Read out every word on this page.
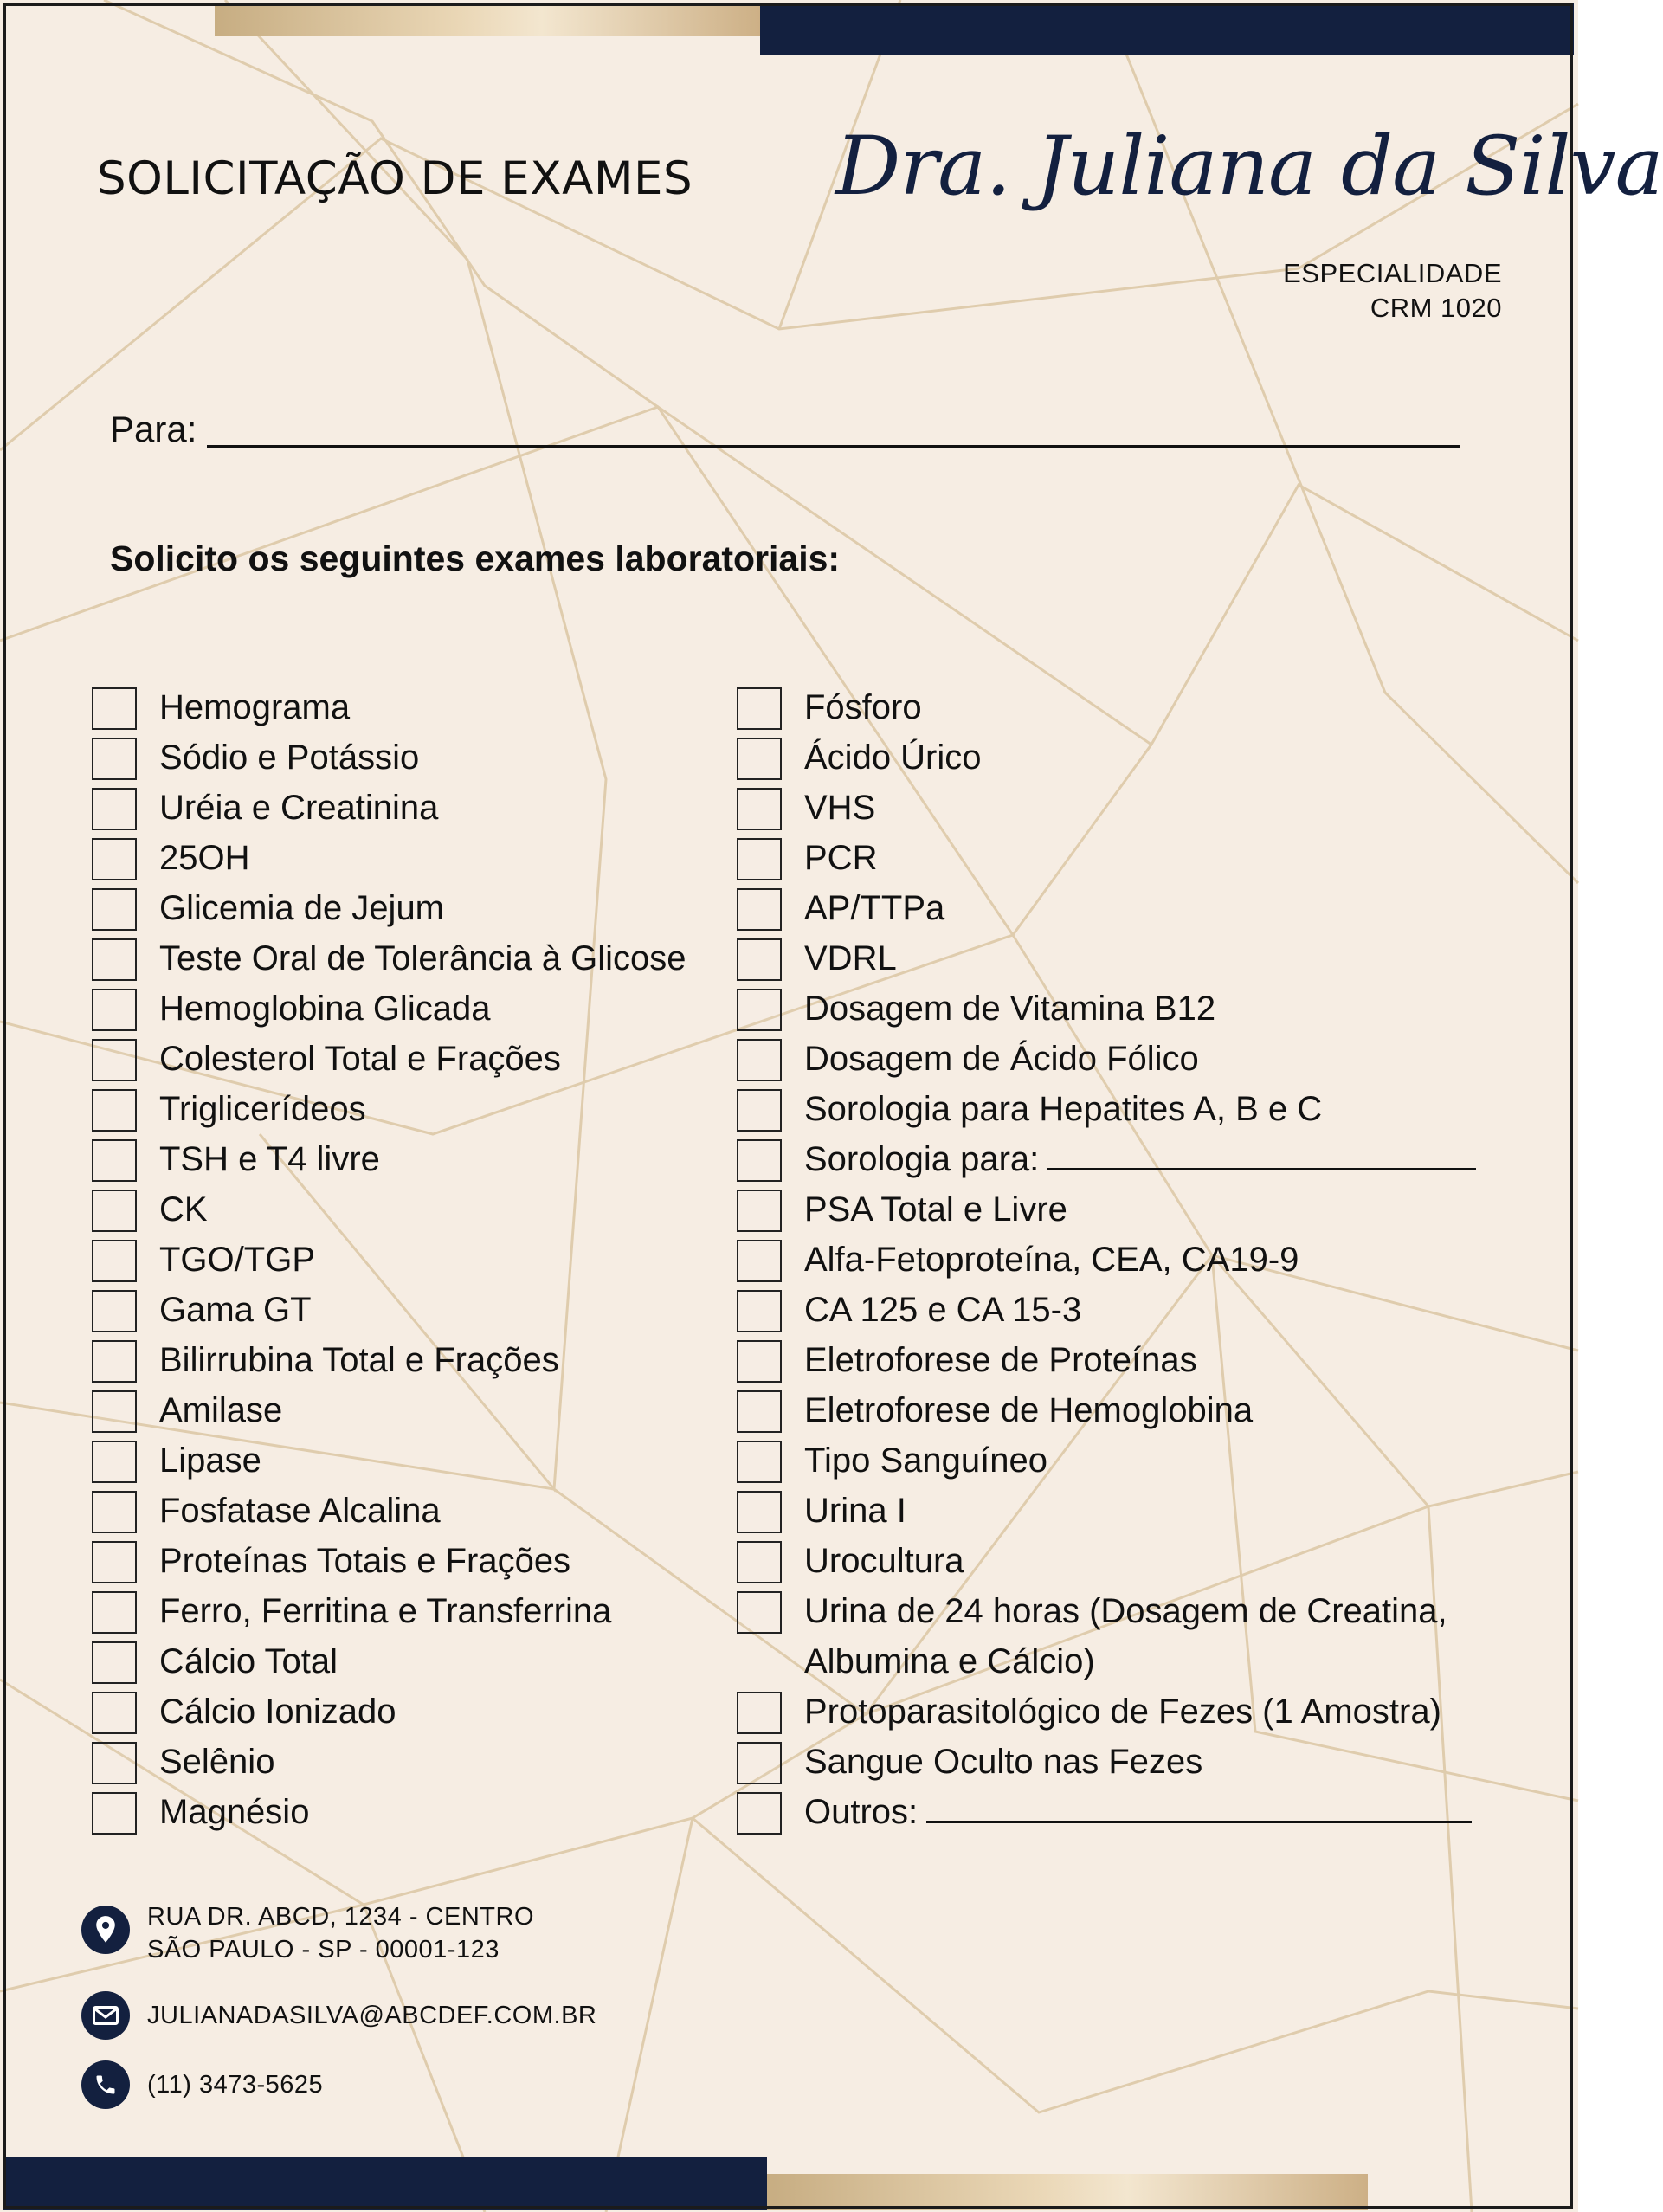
SOLICITAÇÃO DE EXAMES Dra. Juliana da Silva
ESPECIALIDADE
CRM 1020
Para:
Solicito os seguintes exames laboratoriais:
Hemograma
Sódio e Potássio
Uréia e Creatinina
25OH
Glicemia de Jejum
Teste Oral de Tolerância à Glicose
Hemoglobina Glicada
Colesterol Total e Frações
Triglicerídeos
TSH e T4 livre
CK
TGO/TGP
Gama GT
Bilirrubina Total e Frações
Amilase
Lipase
Fosfatase Alcalina
Proteínas Totais e Frações
Ferro, Ferritina e Transferrina
Cálcio Total
Cálcio Ionizado
Selênio
Magnésio
Fósforo
Ácido Úrico
VHS
PCR
AP/TTPa
VDRL
Dosagem de Vitamina B12
Dosagem de Ácido Fólico
Sorologia para Hepatites A, B e C
Sorologia para:
PSA Total e Livre
Alfa-Fetoproteína, CEA, CA19-9
CA 125 e CA 15-3
Eletroforese de Proteínas
Eletroforese de Hemoglobina
Tipo Sanguíneo
Urina I
Urocultura
Urina de 24 horas (Dosagem de Creatina,
Albumina e Cálcio)
Protoparasitológico de Fezes (1 Amostra)
Sangue Oculto nas Fezes
Outros:
RUA DR. ABCD, 1234 - CENTRO
SÃO PAULO - SP - 00001-123
JULIANADASILVA@ABCDEF.COM.BR
(11) 3473-5625
